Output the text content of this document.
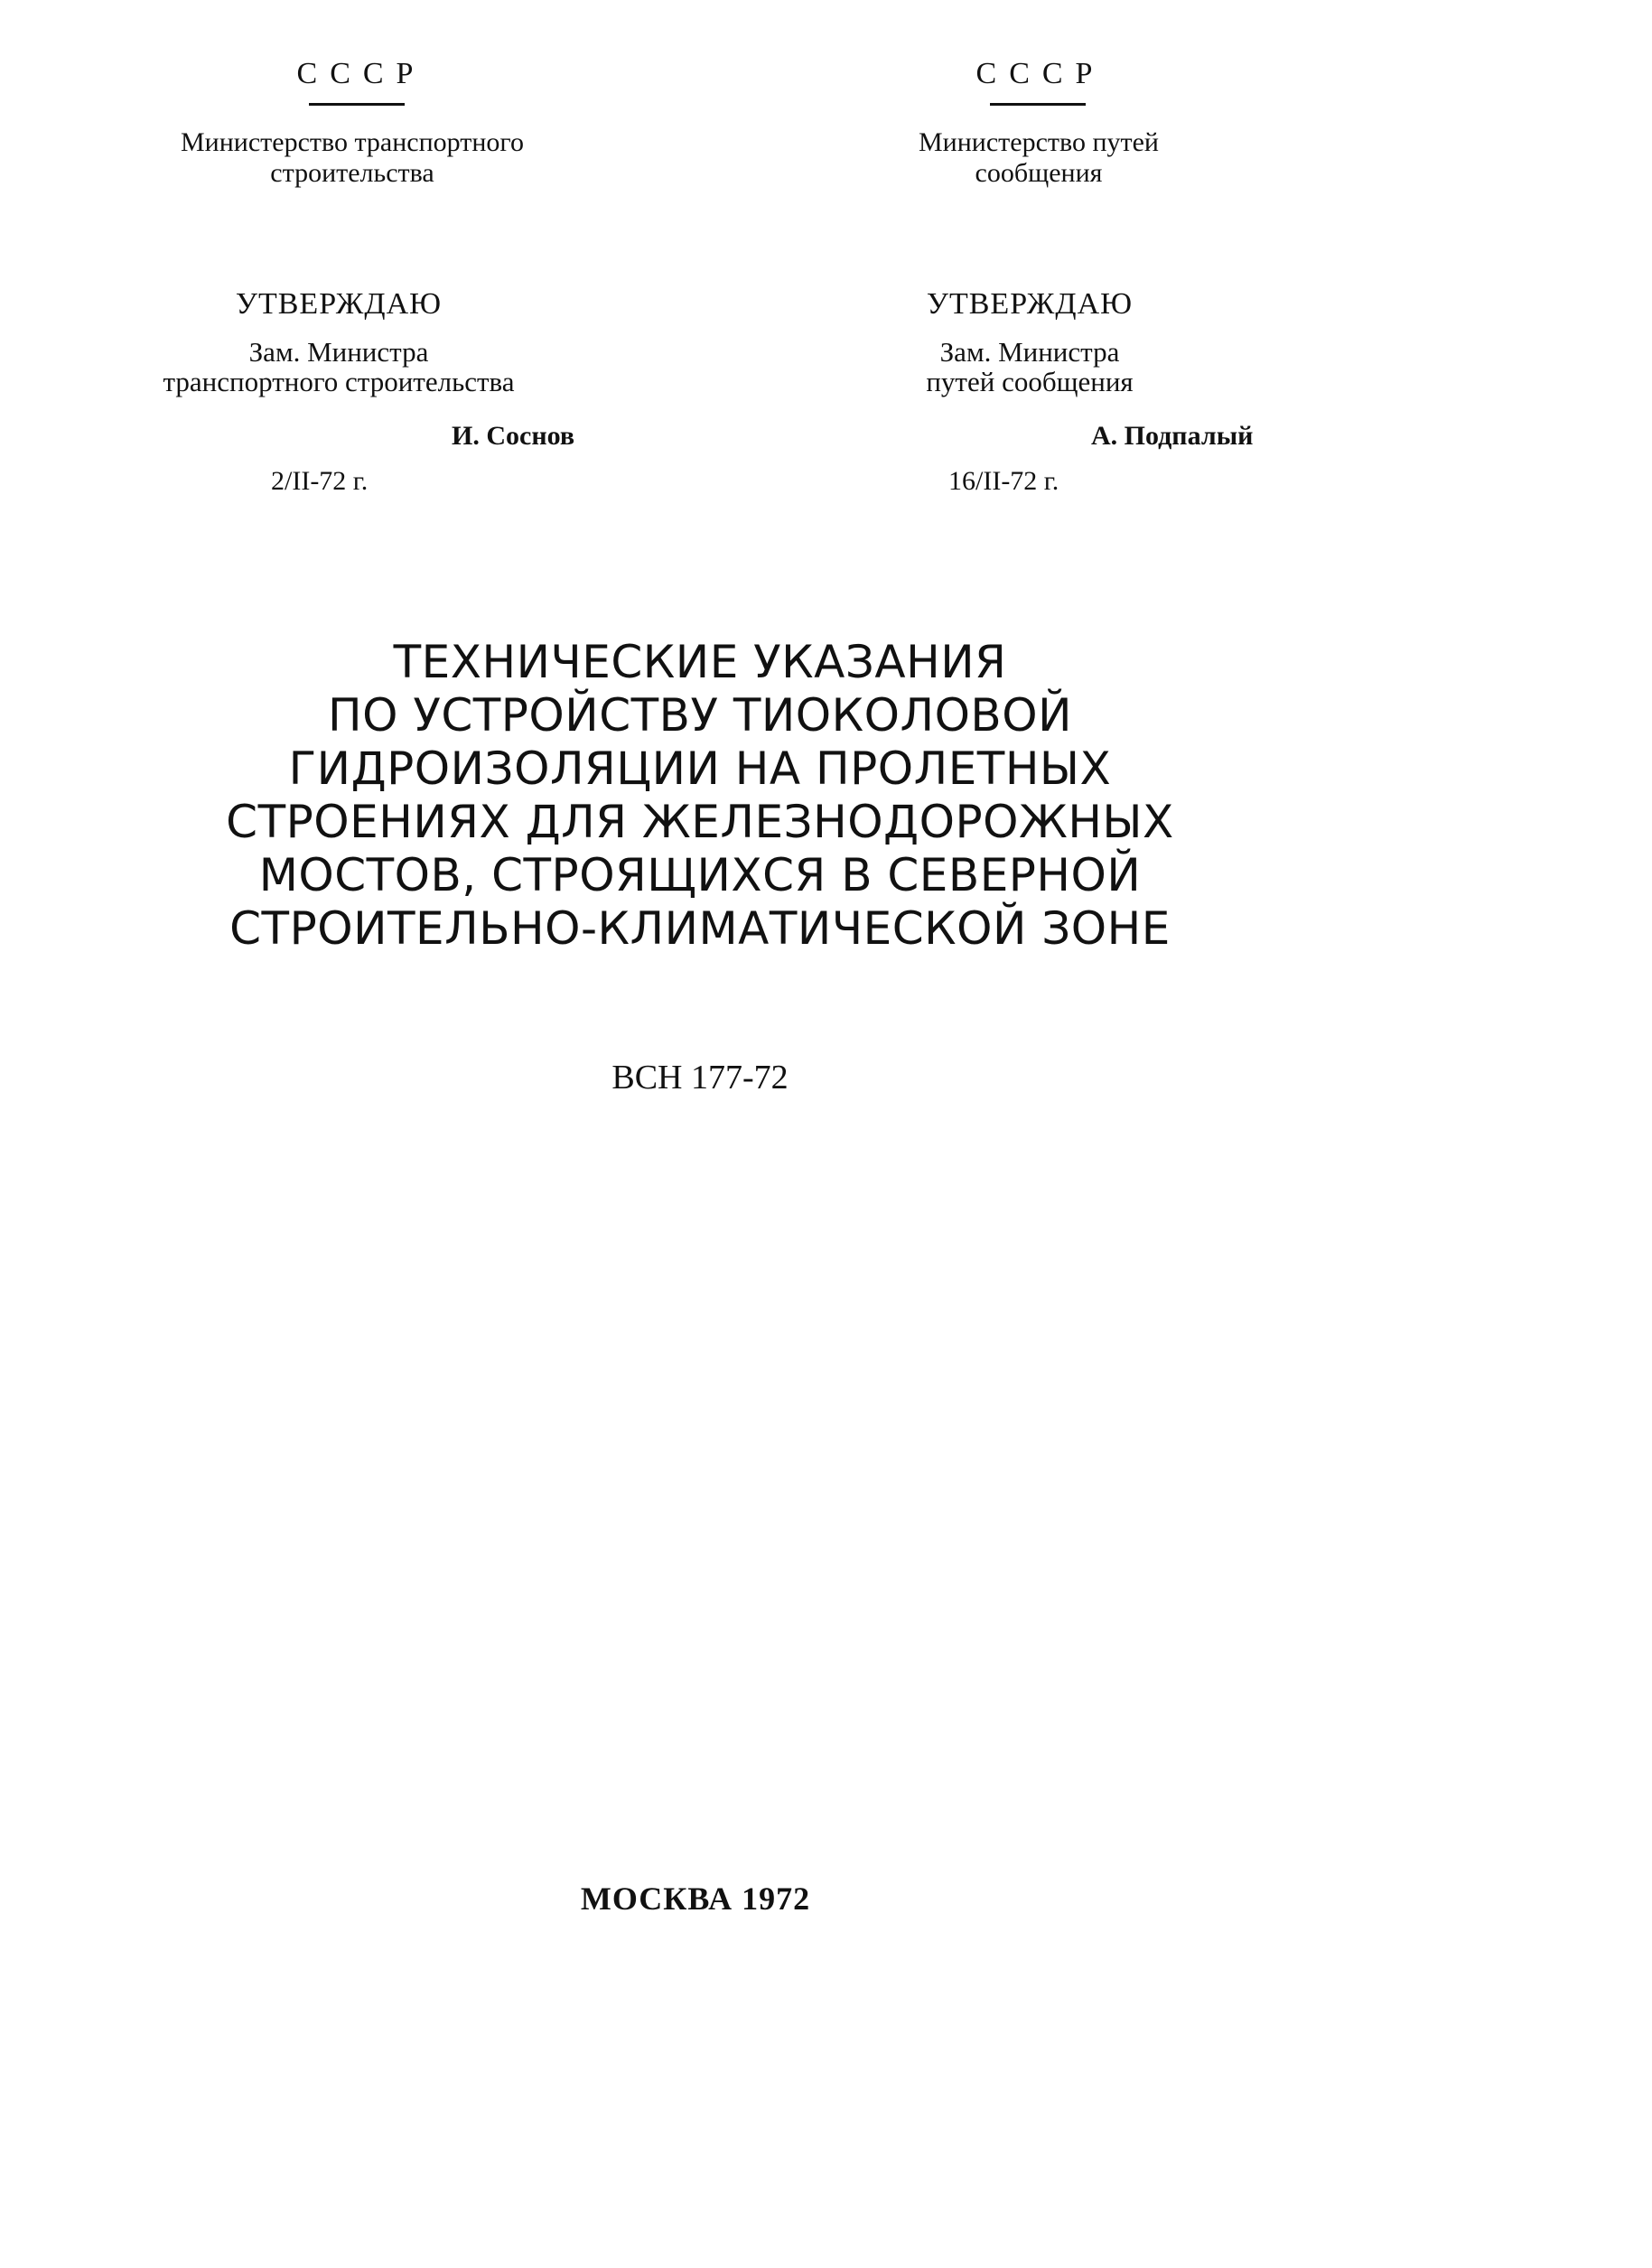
СССР
Министерство транспортного
строительства
УТВЕРЖДАЮ
Зам. Министра
транспортного строительства
И. Соснов
2/II-72 г.
СССР
Министерство путей
сообщения
УТВЕРЖДАЮ
Зам. Министра
путей сообщения
А. Подпалый
16/II-72 г.
ТЕХНИЧЕСКИЕ УКАЗАНИЯ
ПО УСТРОЙСТВУ ТИОКОЛОВОЙ
ГИДРОИЗОЛЯЦИИ НА ПРОЛЕТНЫХ
СТРОЕНИЯХ ДЛЯ ЖЕЛЕЗНОДОРОЖНЫХ
МОСТОВ, СТРОЯЩИХСЯ В СЕВЕРНОЙ
СТРОИТЕЛЬНО-КЛИМАТИЧЕСКОЙ ЗОНЕ
ВСН 177-72
МОСКВА 1972
